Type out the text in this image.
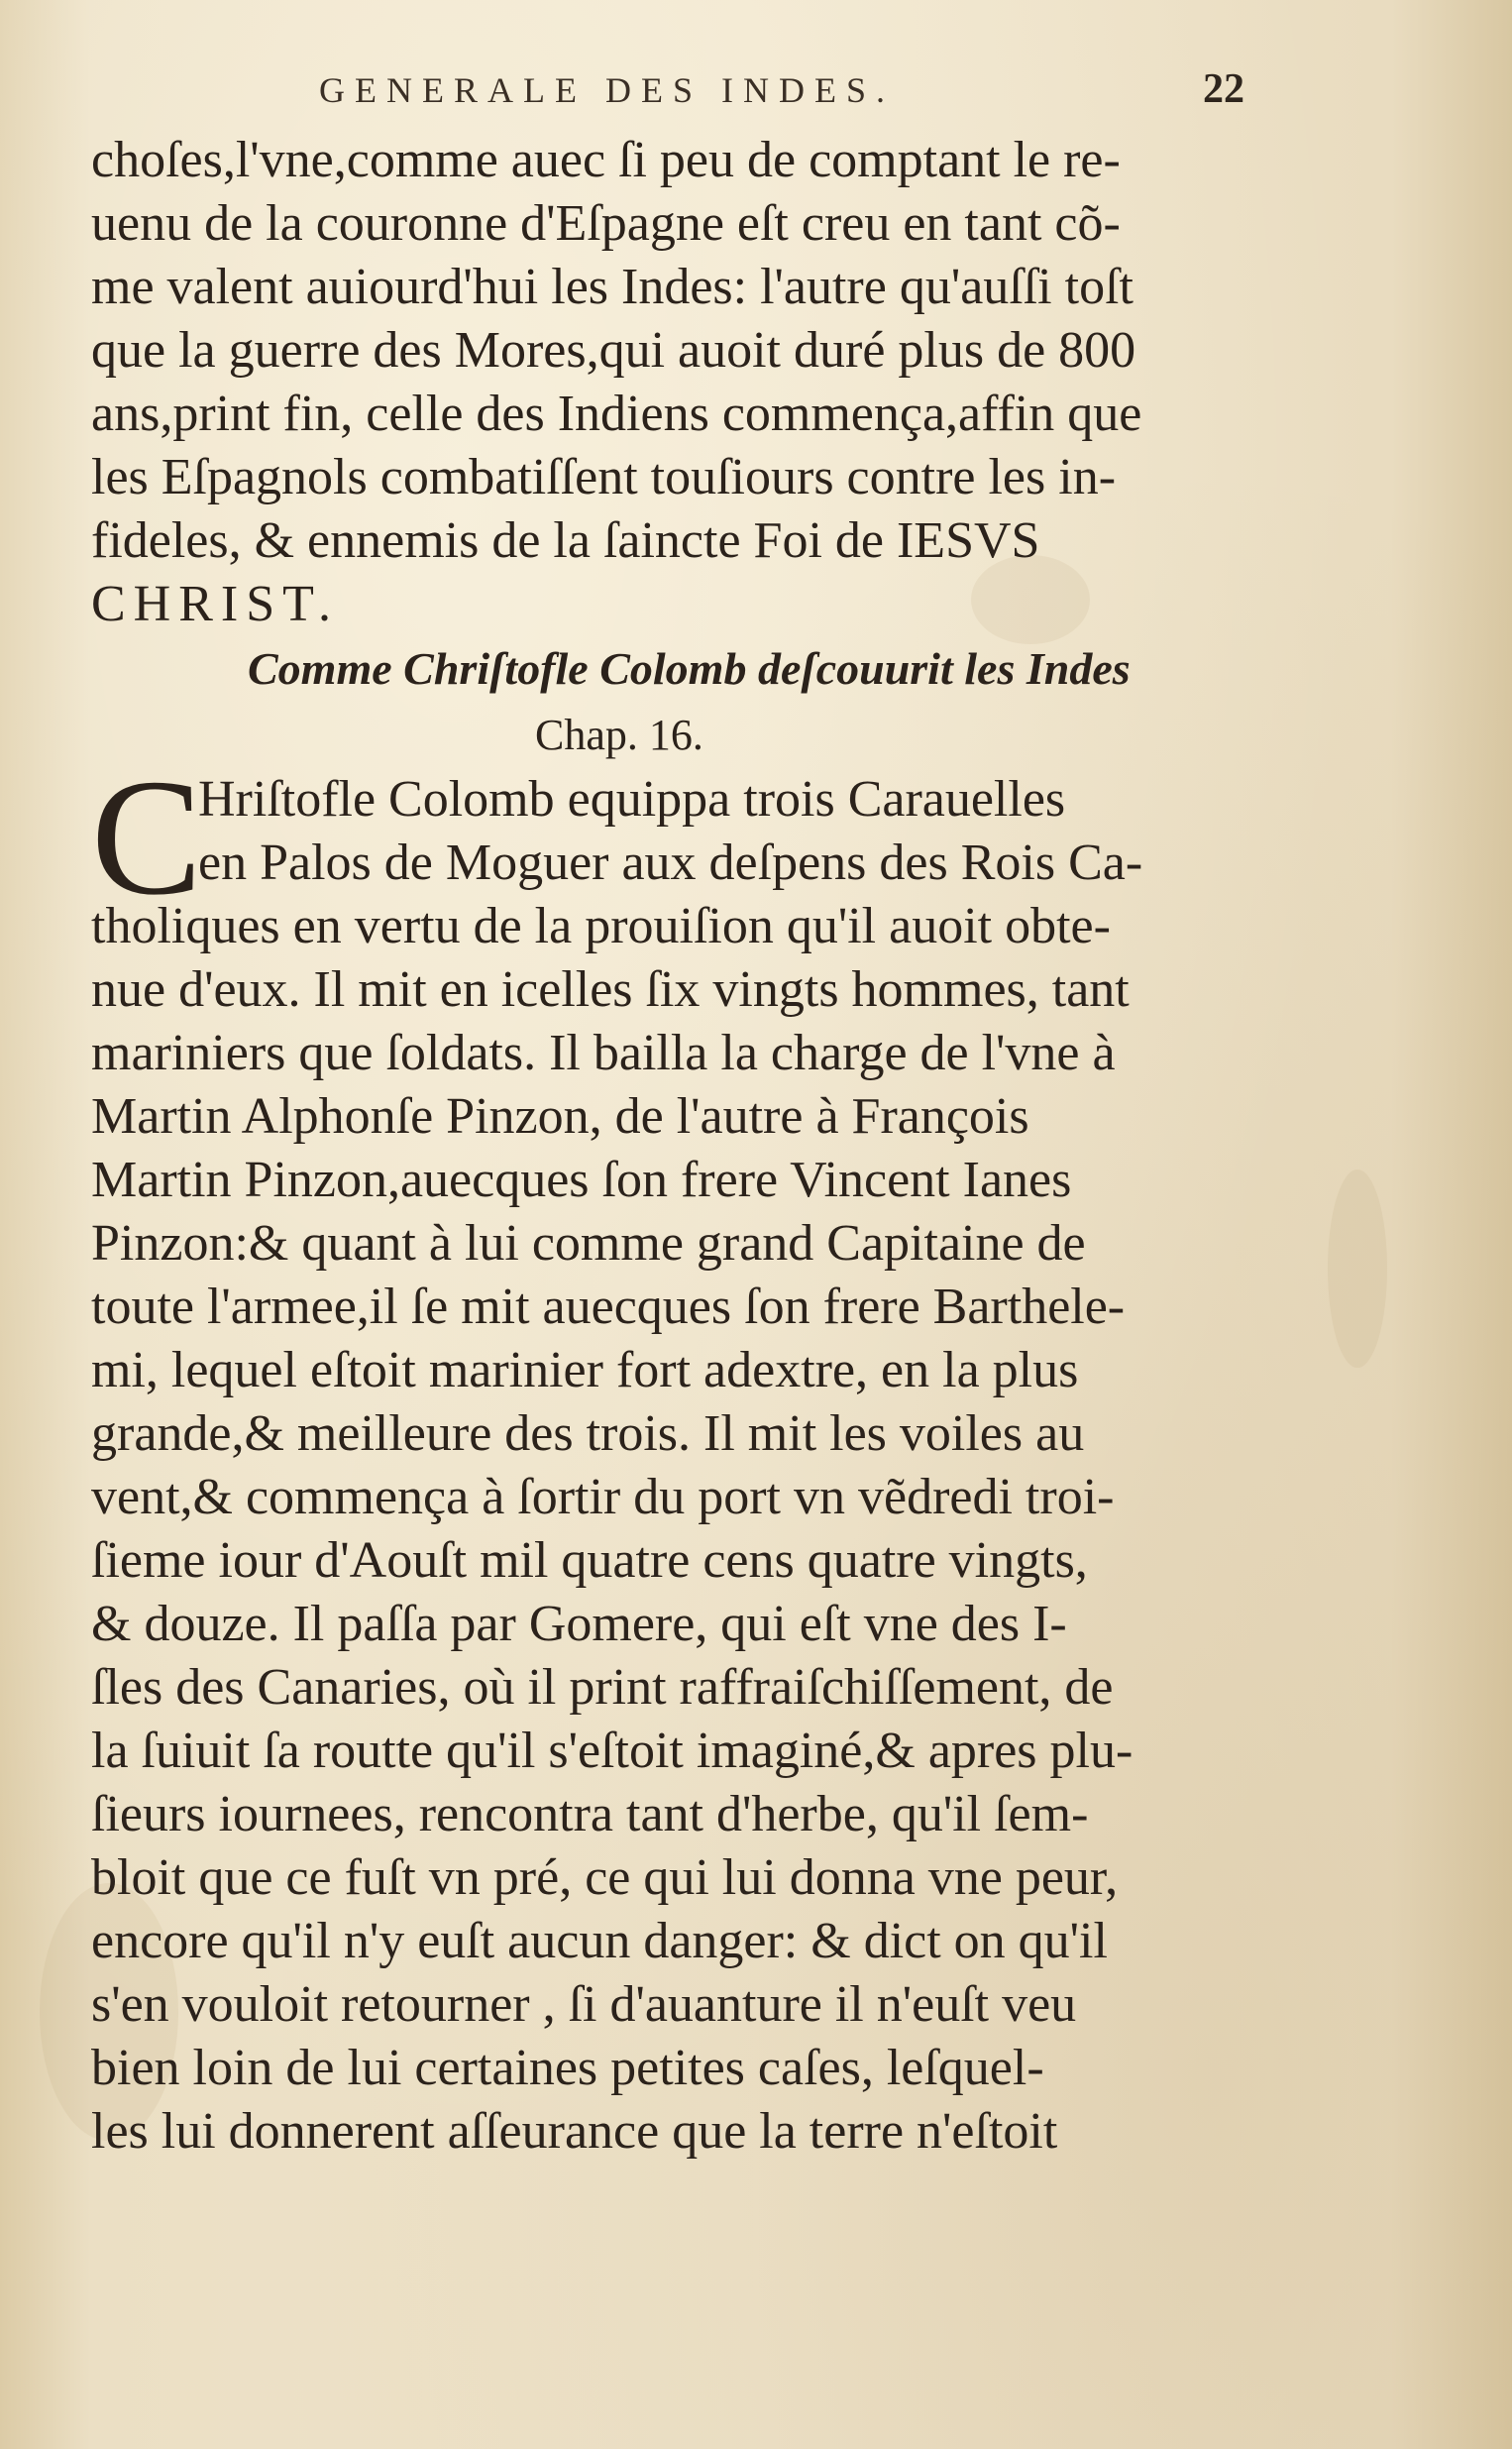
GENERALE DES INDES.	22
choſes,l'vne,comme auec ſi peu de comptant le re-
uenu de la couronne d'Eſpagne eſt creu en tant cõ-
me valent auiourd'hui les Indes: l'autre qu'auſſi toſt
que la guerre des Mores,qui auoit duré plus de 800
ans,print fin, celle des Indiens commença,affin que
les Eſpagnols combatiſſent touſiours contre les in-
fideles, & ennemis de la ſaincte Foi de IESVS
CHRIST.
Comme Chriſtofle Colomb deſcouurit les Indes
Chap. 16.
C
Hriſtofle Colomb equippa trois Carauelles
en Palos de Moguer aux deſpens des Rois Ca-
tholiques en vertu de la prouiſion qu'il auoit obte-
nue d'eux. Il mit en icelles ſix vingts hommes, tant
mariniers que ſoldats. Il bailla la charge de l'vne à
Martin Alphonſe Pinzon, de l'autre à François
Martin Pinzon,auecques ſon frere Vincent Ianes
Pinzon:& quant à lui comme grand Capitaine de
toute l'armee,il ſe mit auecques ſon frere Barthele-
mi, lequel eſtoit marinier fort adextre, en la plus
grande,& meilleure des trois. Il mit les voiles au
vent,& commença à ſortir du port vn vẽdredi troi-
ſieme iour d'Aouſt mil quatre cens quatre vingts,
& douze. Il paſſa par Gomere, qui eſt vne des I-
ſles des Canaries, où il print raffraiſchiſſement, de
la ſuiuit ſa routte qu'il s'eſtoit imaginé,& apres plu-
ſieurs iournees, rencontra tant d'herbe, qu'il ſem-
bloit que ce fuſt vn pré, ce qui lui donna vne peur,
encore qu'il n'y euſt aucun danger: & dict on qu'il
s'en vouloit retourner , ſi d'auanture il n'euſt veu
bien loin de lui certaines petites caſes, leſquel-
les lui donnerent aſſeurance que la terre n'eſtoit
